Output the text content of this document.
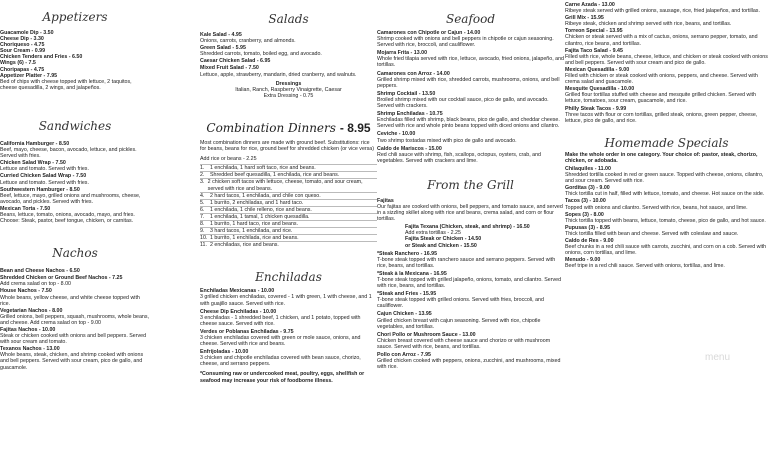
Appetizers
Guacamole Dip - 3.50
Cheese Dip - 3.30
Choriqueso - 4.75
Sour Cream - 0.99
Chicken Tenders and Fries - 6.50
Wings (6) - 7.5
Choripapas - 4.75
Appetizer Platter - 7.95
Bed of chips with cheese topped with lettuce, 2 taquitos, cheese quesadilla, 2 wings, and jalapeños.
Sandwiches
California Hamburger - 8.50
Beef, mayo, cheese, bacon, avocado, lettuce, and pickles. Served with fries.
Chicken Salad Wrap - 7.50
Lettuce and tomato. Served with fries.
Curried Chicken Salad Wrap - 7.50
Lettuce and tomato. Served with fries.
Southwestern Hamburger - 8.50
Beef, lettuce, mayo, grilled onions and mushrooms, cheese, avocado, and pickles. Served with fries.
Mexican Torta - 7.50
Beans, lettuce, tomato, onions, avocado, mayo, and fries. Choose: Steak, pastor, beef tongue, chicken, or carnitas.
Nachos
Bean and Cheese Nachos - 6.50
Shredded Chicken or Ground Beef Nachos - 7.25
Add crema salad on top - 8.00
House Nachos - 7.50
Whole beans, yellow cheese, and white cheese topped with rice.
Vegetarian Nachos - 8.00
Grilled onions, bell peppers, squash, mushrooms, whole beans, and cheese. Add crema salad on top - 9.00
Fajitas Nachos - 10.00
Steak or chicken cooked with onions and bell peppers. Served with sour cream and tomato.
Texanos Nachos - 13.00
Whole beans, steak, chicken, and shrimp cooked with onions and bell peppers. Served with sour cream, pico de gallo, and guacamole.
Salads
Kale Salad - 4.95
Onions, carrots, cranberry, and almonds.
Green Salad - 5.95
Shredded carrots, tomato, boiled egg, and avocado.
Caesar Chicken Salad - 6.95
Mixed Fruit Salad - 7.50
Lettuce, apple, strawberry, mandarin, dried cranberry, and walnuts.
Dressings
Italian, Ranch, Raspberry Vinaigrette, Caesar
Extra Dressing - 0.75
Combination Dinners - 8.95
Most combination dinners are made with ground beef. Substitutions: rice for beans, beans for rice, ground beef for shredded chicken (or vice versa)
Add rice or beans - 2.25
1.	1 enchilada, 1 hard soft taco, rice and beans.
2.	Shredded beef quesadilla, 1 enchilada, rice and beans.
3. 2 chicken soft tacos with lettuce, cheese, tomato, and sour cream, served with rice and beans.
4.	2 hard tacos, 1 enchilada, and chile con queso.
5.	1 burrito, 2 enchiladas, and 1 hard taco.
6.	1 enchilada, 1 chile relleno, rice and beans.
7.	1 enchilada, 1 tamal, 1 chicken quesadilla.
8.	1 burrito, 1 hard taco, rice and beans.
9.	3 hard tacos, 1 enchilada, and rice.
10. 1 burrito, 1 enchilada, rice and beans.
11. 2 enchiladas, rice and beans.
Enchiladas
Enchiladas Mexicanas - 10.00
3 grilled chicken enchiladas, covered - 1 with green, 1 with cheese, and 1 with guajillo sauce. Served with rice.
Cheese Dip Enchiladas - 10.00
3 enchiladas - 1 shredded beef, 1 chicken, and 1 potato, topped with cheese sauce. Served with rice.
Verdes or Poblanas Enchiladas - 9.75
3 chicken enchiladas covered with green or mole sauce, onions, and cheese. Served with rice and beans.
Enfrijoladas - 10.00
3 chicken and chipotle enchiladas covered with bean sauce, chorizo, cheese, and serrano peppers.
*Consuming raw or undercooked meat, poultry, eggs, shellfish or seafood may increase your risk of foodborne illness.
Seafood
Camarones con Chipotle or Cajun - 14.00
Shrimp cooked with onions and bell peppers in chipotle or cajun seasoning. Served with rice, broccoli, and cauliflower.
Mojarra Frita - 13.00
Whole fried tilapia served with rice, lettuce, avocado, fried onions, jalapeño, and tortillas.
Camarones con Arroz - 14.00
Grilled shrimp mixed with rice, shredded carrots, mushrooms, onions, and bell peppers.
Shrimp Cocktail - 13.50
Broiled shrimp mixed with our cocktail sauce, pico de gallo, and avocado. Served with crackers.
Shrimp Enchiladas - 10.75
Enchiladas filled with shrimp, black beans, pico de gallo, and cheddar cheese. Served with rice and whole pinto beans topped with diced onions and cilantro.
Ceviche - 10.00
Two shrimp tostadas mixed with pico de gallo and avocado.
Caldo de Mariscos - 15.00
Red chili sauce with shrimp, fish, scallops, octopus, oysters, crab, and vegetables. Served with crackers and lime.
From the Grill
Fajitas
Our fajitas are cooked with onions, bell peppers, and tomato sauce, and served in a sizzling skillet along with rice and beans, crema salad, and corn or flour tortillas.
Fajita Texana (Chicken, steak, and shrimp) - 16.50
Add extra tortillas - 2.25
Fajita Steak or Chicken - 14.50
or Steak and Chicken - 15.50
*Steak Ranchero - 16.95
T-bone steak topped with ranchero sauce and serrano peppers. Served with rice, beans, and tortillas.
*Steak à la Mexicana - 16.95
T-bone steak topped with grilled jalapeño, onions, tomato, and cilantro. Served with rice, beans, and tortillas.
*Steak and Fries - 15.95
T-bone steak topped with grilled onions. Served with fries, broccoli, and cauliflower.
Cajun Chicken - 13.95
Grilled chicken breast with cajun seasoning. Served with rice, chipotle vegetables, and tortillas.
Chori Pollo or Mushroom Sauce - 13.00
Chicken breast covered with cheese sauce and chorizo or with mushroom sauce. Served with rice, beans, and tortillas.
Pollo con Arroz - 7.95
Grilled chicken cooked with peppers, onions, zucchini, and mushrooms, mixed with rice.
Carne Azada - 13.00
Ribeye steak served with grilled onions, sausage, rice, fried jalapeños, and tortillas.
Grill Mix - 15.95
Ribeye steak, chicken and shrimp served with rice, beans, and tortillas.
Torreon Special - 13.95
Chicken or steak served with a mix of cactus, onions, serrano pepper, tomato, and cilantro, rice beans, and tortillas.
Fajita Taco Salad - 9.45
Filled with rice, whole beans, cheese, lettuce, and chicken or steak cooked with onions and bell peppers. Served with sour cream and pico de gallo.
Mexican Quesadilla - 9.00
Filled with chicken or steak cooked with onions, peppers, and cheese. Served with crema salad and guacamole.
Mesquite Quesadilla - 10.00
Grilled flour tortillas stuffed with cheese and mesquite grilled chicken. Served with lettuce, tomatoes, sour cream, guacamole, and rice.
Philly Steak Tacos - 9.99
Three tacos with flour or corn tortillas, grilled steak, onions, green pepper, cheese, lettuce, pico de gallo, and rice.
Homemade Specials
Make the whole order in one category. Your choice of: pastor, steak, chorizo, chicken, or adobada.
Chilaquiles - 11.00
Shredded tortilla cooked in red or green sauce. Topped with cheese, onions, cilantro, and sour cream. Served with rice.
Gorditas (3) - 9.00
Thick tortilla cut in half, filled with lettuce, tomato, and cheese. Hot sauce on the side.
Tacos (3) - 10.00
Topped with onions and cilantro. Served with rice, beans, hot sauce, and lime.
Sopes (3) - 8.00
Thick tortilla topped with beans, lettuce, tomato, cheese, pico de gallo, and hot sauce.
Pupusas (3) - 8.95
Thick tortilla filled with bean and cheese. Served with coleslaw and sauce.
Caldo de Res - 9.00
Beef chunks in a red chili sauce with carrots, zucchini, and corn on a cob. Served with onions, corn tortillas, and lime.
Menudo - 9.00
Beef tripe in a red chili sauce. Served with onions, tortillas, and lime.
menu
